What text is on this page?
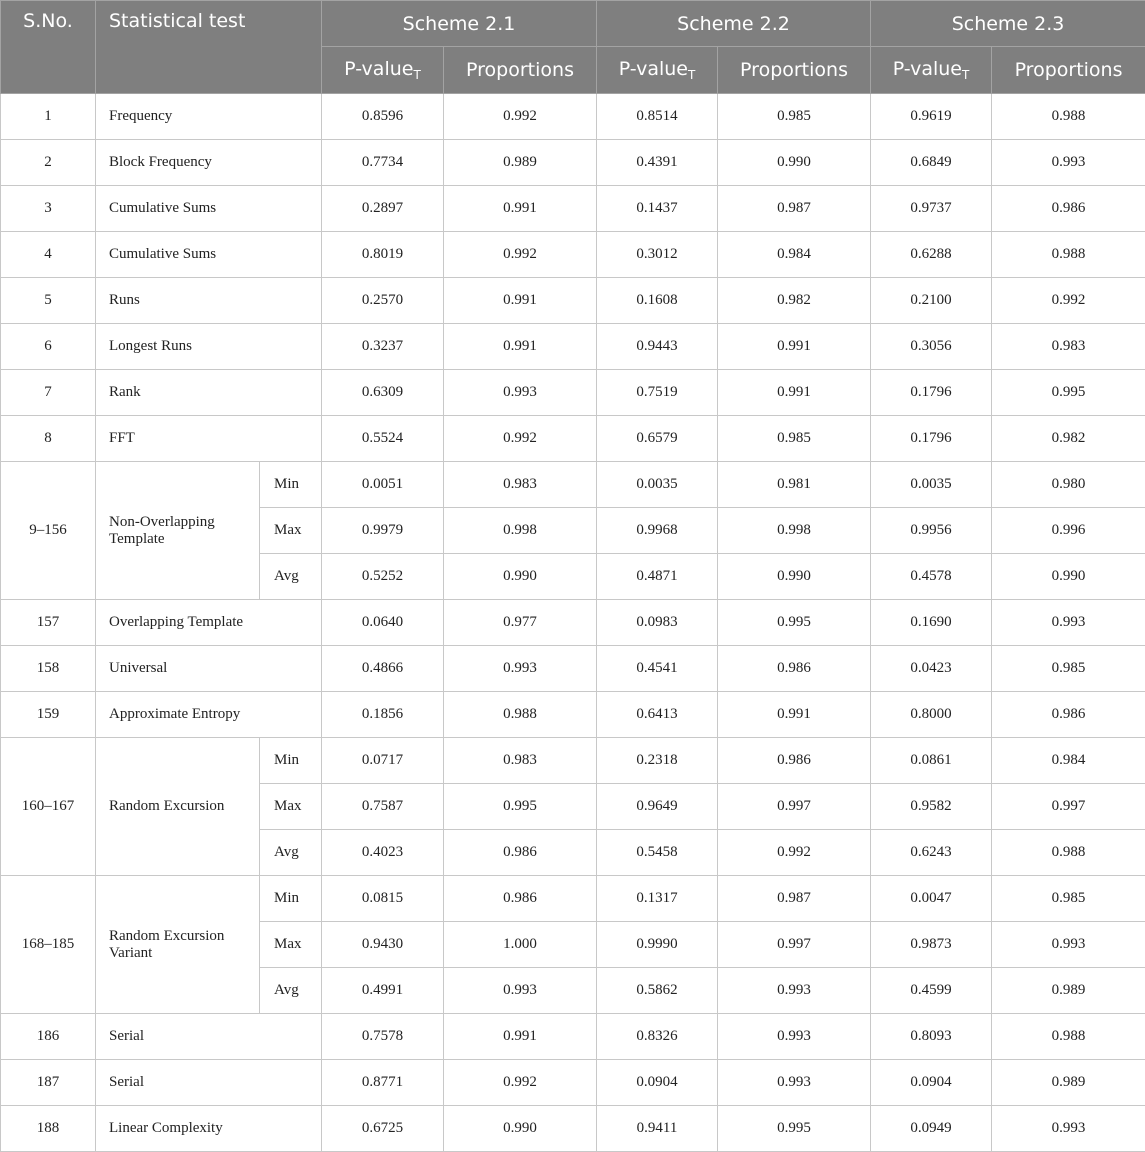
S.No.	Statistical test		Scheme 2.1		Scheme 2.2		Scheme 2.3	
			P-value$_T$	Proportions	P-value$_T$	Proportions	P-value$_T$	Proportions
1	Frequency		0.8596	0.992	0.8514	0.985	0.9619	0.988
2	Block Frequency		0.7734	0.989	0.4391	0.990	0.6849	0.993
3	Cumulative Sums		0.2897	0.991	0.1437	0.987	0.9737	0.986
4	Cumulative Sums		0.8019	0.992	0.3012	0.984	0.6288	0.988
5	Runs		0.2570	0.991	0.1608	0.982	0.2100	0.992
6	Longest Runs		0.3237	0.991	0.9443	0.991	0.3056	0.983
7	Rank		0.6309	0.993	0.7519	0.991	0.1796	0.995
8	FFT		0.5524	0.992	0.6579	0.985	0.1796	0.982
9–156	Non-Overlapping Template	Min	0.0051	0.983	0.0035	0.981	0.0035	0.980
		Max	0.9979	0.998	0.9968	0.998	0.9956	0.996
		Avg	0.5252	0.990	0.4871	0.990	0.4578	0.990
157	Overlapping Template		0.0640	0.977	0.0983	0.995	0.1690	0.993
158	Universal		0.4866	0.993	0.4541	0.986	0.0423	0.985
159	Approximate Entropy		0.1856	0.988	0.6413	0.991	0.8000	0.986
160–167	Random Excursion	Min	0.0717	0.983	0.2318	0.986	0.0861	0.984
		Max	0.7587	0.995	0.9649	0.997	0.9582	0.997
		Avg	0.4023	0.986	0.5458	0.992	0.6243	0.988
168–185	Random Excursion Variant	Min	0.0815	0.986	0.1317	0.987	0.0047	0.985
		Max	0.9430	1.000	0.9990	0.997	0.9873	0.993
		Avg	0.4991	0.993	0.5862	0.993	0.4599	0.989
186	Serial		0.7578	0.991	0.8326	0.993	0.8093	0.988
187	Serial		0.8771	0.992	0.0904	0.993	0.0904	0.989
188	Linear Complexity		0.6725	0.990	0.9411	0.995	0.0949	0.993
